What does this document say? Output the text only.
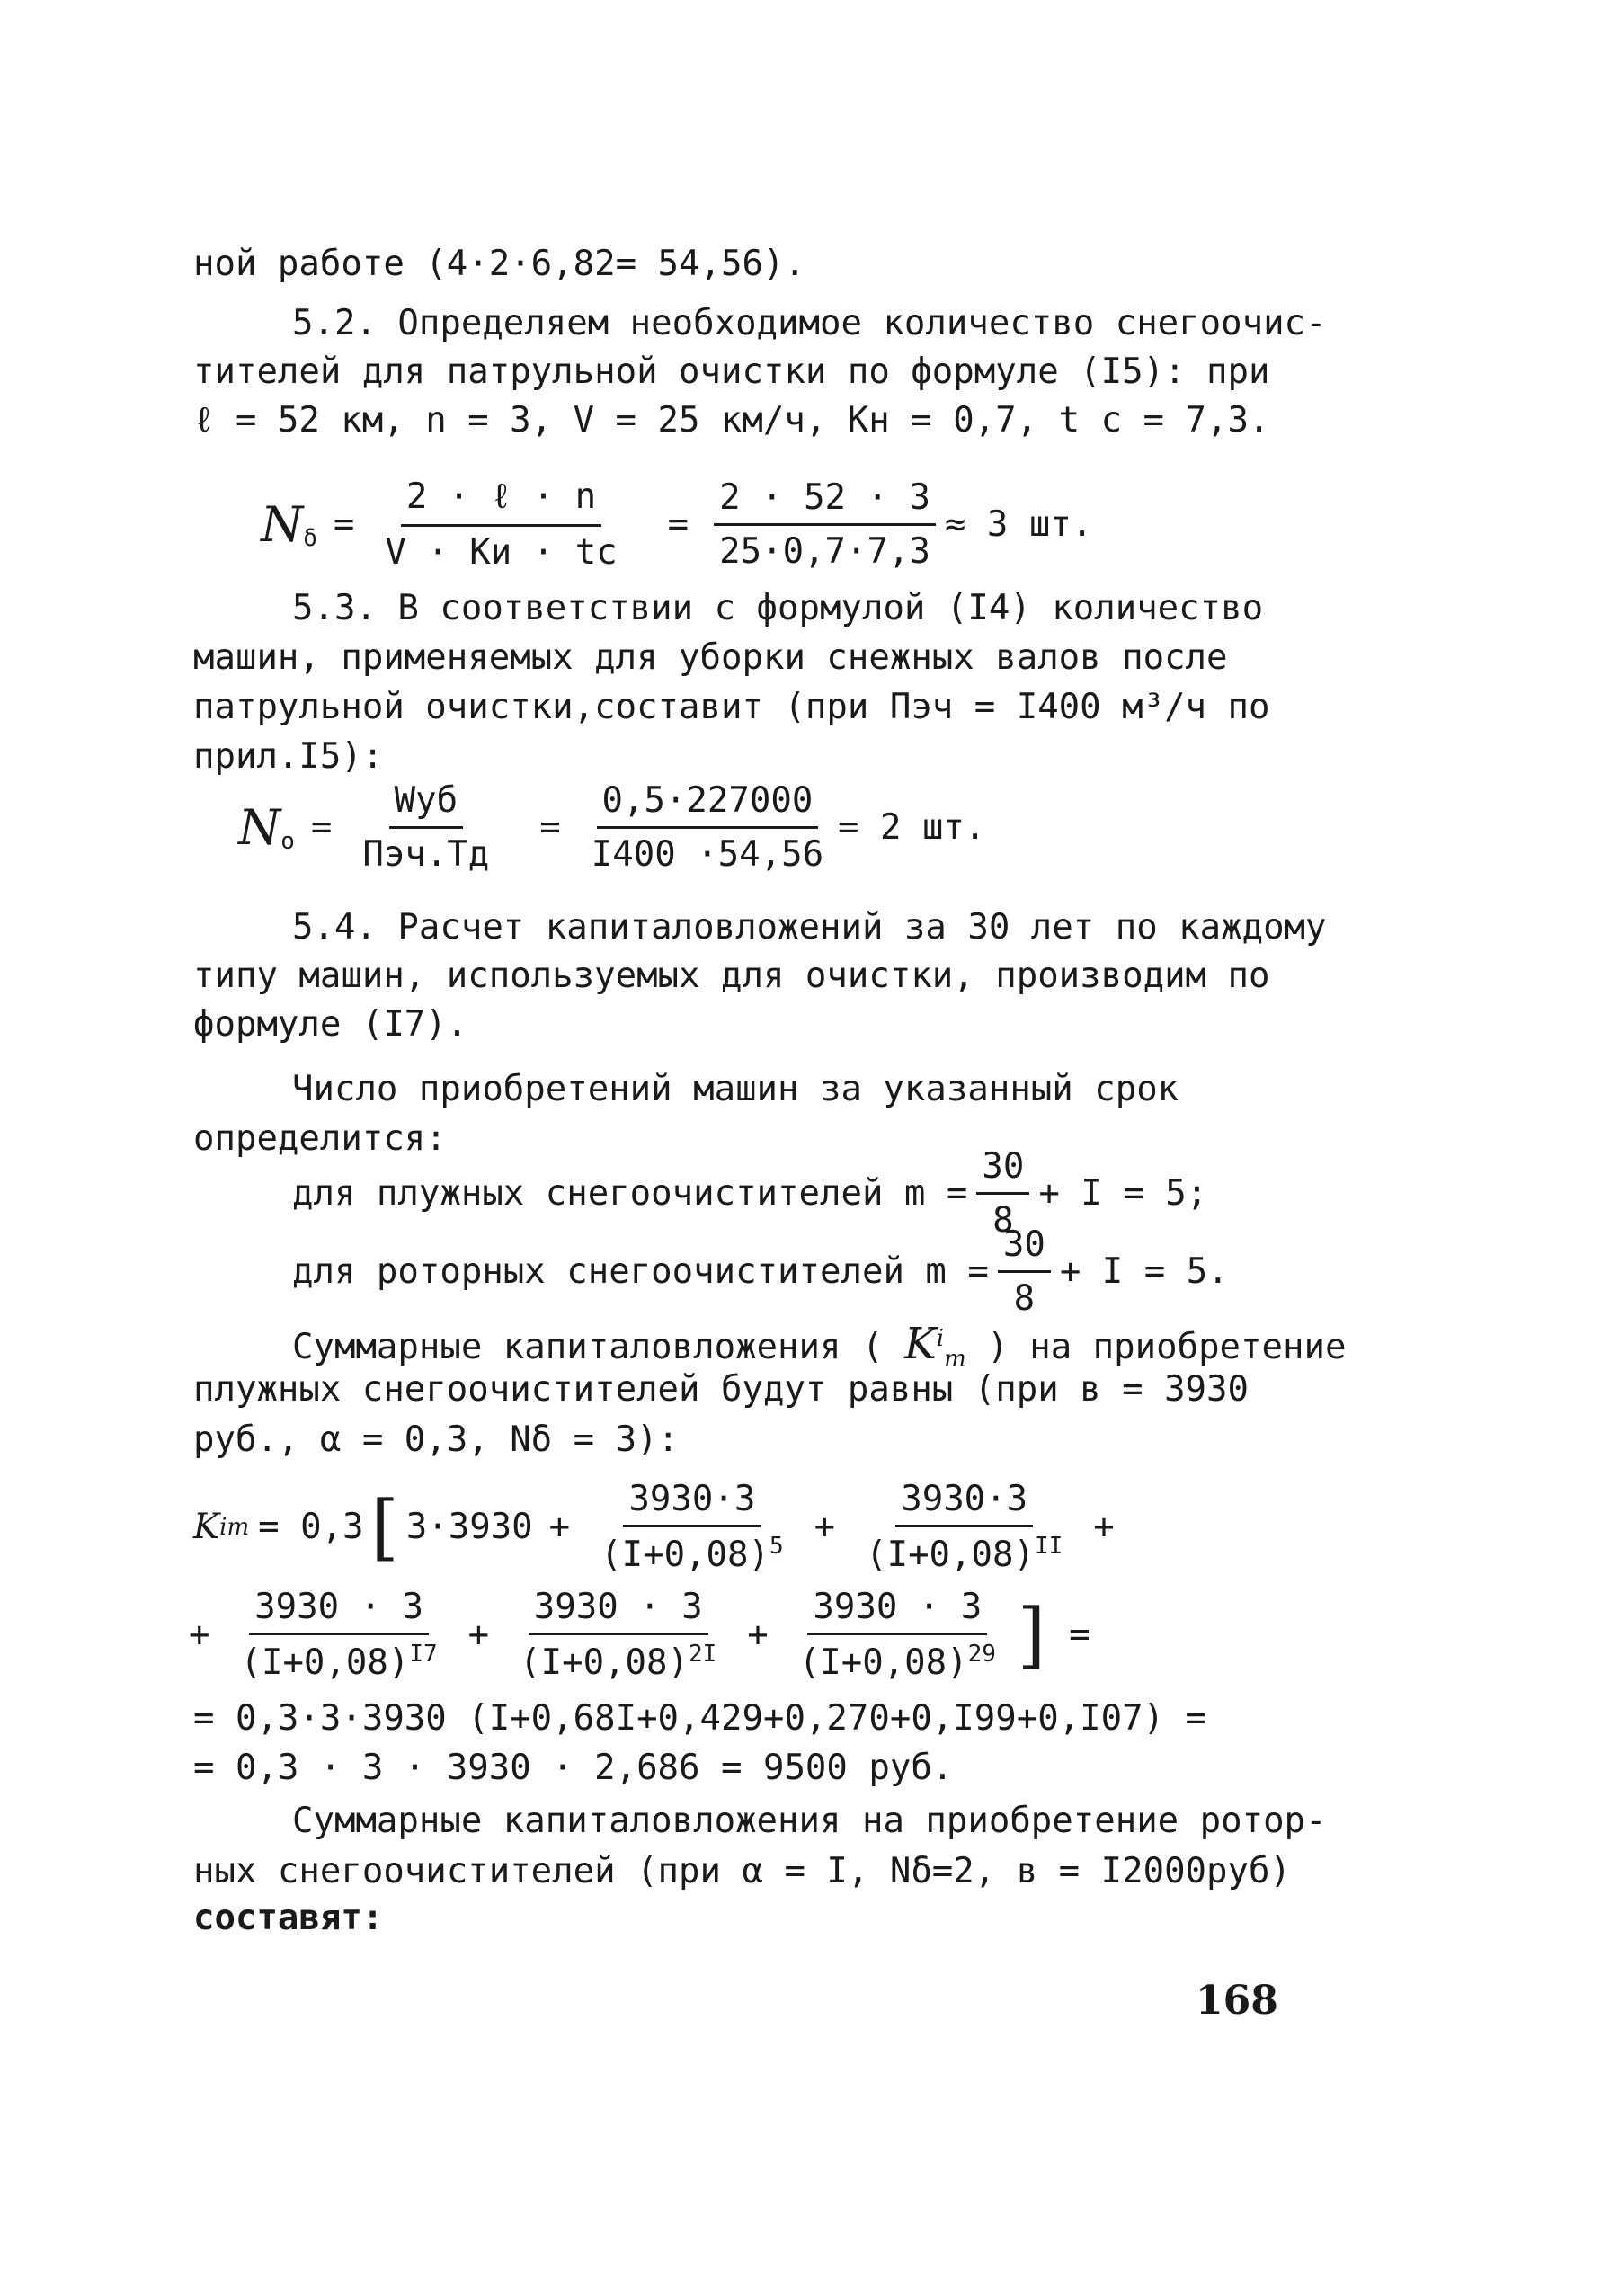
ной работе (4·2·6,82= 54,56).
5.2. Определяем необходимое количество снегоочис-
тителей для патрульной очистки по формуле (I5): при
ℓ = 52 км, n = 3, V = 25 км/ч, Кн = 0,7, t с = 7,3.
$N_\delta = \frac{\text{2 · ℓ · n}}{V \cdot Kи \cdot tс} = \frac{2 \cdot 52 \cdot 3}{25\cdot 0,7\cdot 7,3} \approx 3$ шт.
5.3. В соответствии с формулой (I4) количество
машин, применяемых для уборки снежных валов после
патрульной очистки,составит (при Пэч = I400 м³/ч по
прил.I5):
$N_o = \frac{\text{Wуб}}{\text{Пэч.Тд}} = \frac{0,5\cdot 227000}{I400 \cdot 54,56} = 2$ шт.
5.4. Расчет капиталовложений за 30 лет по каждому
типу машин, используемых для очистки, производим по
формуле (I7).
Число приобретений машин за указанный срок
определится:
для плужных снегоочистителей $m = \frac{30}{8} + I = 5$;
для роторных снегоочистителей $m = \frac{30}{8} + I = 5$.
Суммарные капиталовложения ( $K^i_m$ ) на приобретение
плужных снегоочистителей будут равны (при в = 3930
руб., α = 0,3, Nδ = 3):
K i m = 0,3 [ $3\cdot 3930 + \frac{3930\cdot 3}{(I+0,08)^5} + \frac{3930\cdot 3}{(I+0,08)^{II}}$ +
+ $\frac{3930 \cdot 3}{(I+0,08)^{I7}} + \frac{3930 \cdot 3}{(I+0,08)^{2I}} + \frac{3930 \cdot 3}{(I+0,08)^{29}}$ ] =
= 0,3·3·3930 (I+0,68I+0,429+0,270+0,I99+0,I07) =
= 0,3 · 3 · 3930 · 2,686 = 9500 руб.
Суммарные капиталовложения на приобретение ротор-
ных снегоочистителей (при α = I, Nδ=2, в = I2000руб)
составят:
168
